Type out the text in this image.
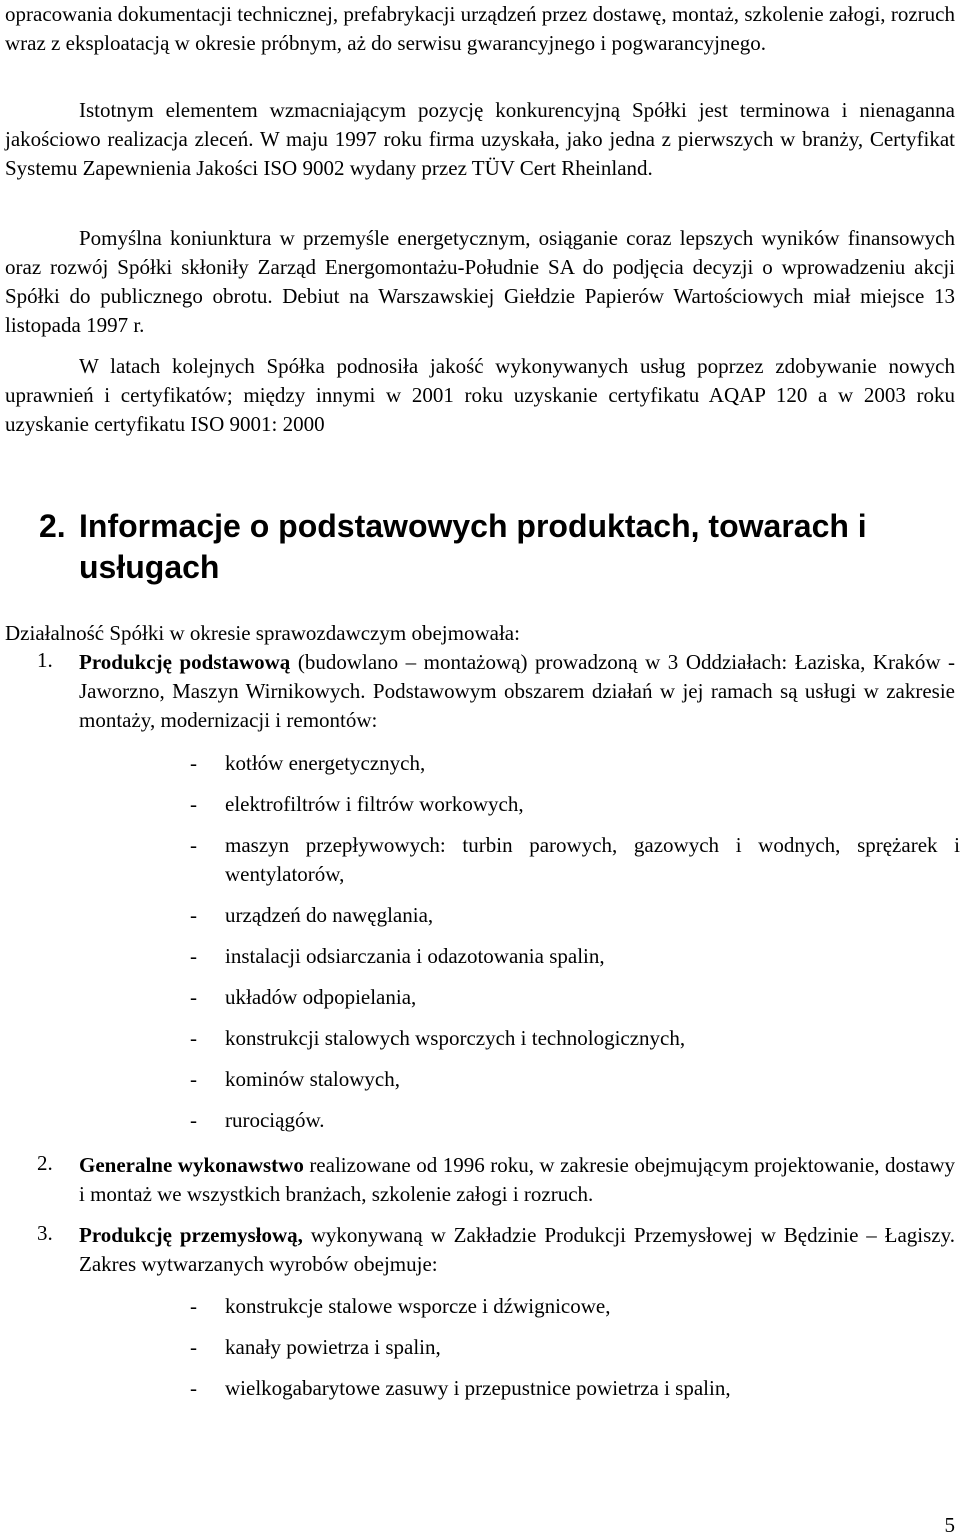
opracowania dokumentacji technicznej, prefabrykacji urządzeń przez dostawę, montaż, szkolenie załogi, rozruch wraz z eksploatacją w okresie próbnym, aż do serwisu gwarancyjnego i pogwarancyjnego.

Istotnym elementem wzmacniającym pozycję konkurencyjną Spółki jest terminowa i nienaganna jakościowo realizacja zleceń. W maju 1997 roku firma uzyskała, jako jedna z pierwszych w branży, Certyfikat Systemu Zapewnienia Jakości ISO 9002 wydany przez TÜV Cert Rheinland.

Pomyślna koniunktura w przemyśle energetycznym, osiąganie coraz lepszych wyników finansowych oraz rozwój Spółki skłoniły Zarząd Energomontażu-Południe SA do podjęcia decyzji o wprowadzeniu akcji Spółki do publicznego obrotu. Debiut na Warszawskiej Giełdzie Papierów Wartościowych miał miejsce 13 listopada 1997 r.

W latach kolejnych Spółka podnosiła jakość wykonywanych usług poprzez zdobywanie nowych uprawnień i certyfikatów; między innymi w 2001 roku uzyskanie certyfikatu AQAP 120 a w 2003 roku uzyskanie certyfikatu ISO 9001: 2000

2. Informacje o podstawowych produktach, towarach i usługach

Działalność Spółki w okresie sprawozdawczym obejmowała:

1. Produkcję podstawową (budowlano – montażową) prowadzoną w 3 Oddziałach: Łaziska, Kraków - Jaworzno, Maszyn Wirnikowych. Podstawowym obszarem działań w jej ramach są usługi w zakresie montaży, modernizacji i remontów:
- kotłów energetycznych,
- elektrofiltrów i filtrów workowych,
- maszyn przepływowych: turbin parowych, gazowych i wodnych, sprężarek i wentylatorów,
- urządzeń do nawęglania,
- instalacji odsiarczania i odazotowania spalin,
- układów odpopielania,
- konstrukcji stalowych wsporczych i technologicznych,
- kominów stalowych,
- rurociągów.
2. Generalne wykonawstwo realizowane od 1996 roku, w zakresie obejmującym projektowanie, dostawy i montaż we wszystkich branżach, szkolenie załogi i rozruch.
3. Produkcję przemysłową, wykonywaną w Zakładzie Produkcji Przemysłowej w Będzinie – Łagiszy. Zakres wytwarzanych wyrobów obejmuje:
- konstrukcje stalowe wsporcze i dźwignicowe,
- kanały powietrza i spalin,
- wielkogabarytowe zasuwy i przepustnice powietrza i spalin,
5
